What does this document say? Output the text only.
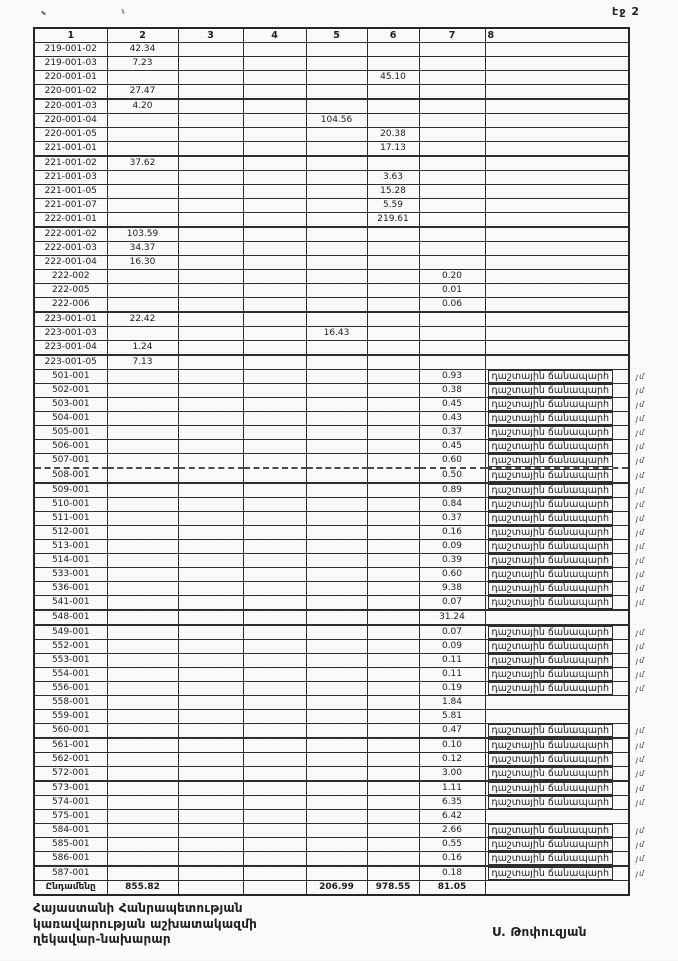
էջ 2
1	2	3	4	5	6	7	8	
219-001-02	42.34							
219-001-03	7.23							
220-001-01					45.10			
220-001-02	27.47							
220-001-03	4.20							
220-001-04				104.56				
220-001-05					20.38			
221-001-01					17.13			
221-001-02	37.62							
221-001-03					3.63			
221-001-05					15.28			
221-001-07					5.59			
222-001-01					219.61			
222-001-02	103.59							
222-001-03	34.37							
222-001-04	16.30							
222-002						0.20		
222-005						0.01		
222-006						0.06		
223-001-01	22.42							
223-001-03				16.43				
223-001-04	1.24							
223-001-05	7.13							
501-001						0.93	դաշտային ճանապարհ	յմ
502-001						0.38	դաշտային ճանապարհ	յմ
503-001						0.45	դաշտային ճանապարհ	յմ
504-001						0.43	դաշտային ճանապարհ	յմ
505-001						0.37	դաշտային ճանապարհ	յմ
506-001						0.45	դաշտային ճանապարհ	յմ
507-001						0.60	դաշտային ճանապարհ	յմ
508-001						0.50	դաշտային ճանապարհ	յմ
509-001						0.89	դաշտային ճանապարհ	յմ
510-001						0.84	դաշտային ճանապարհ	յմ
511-001						0.37	դաշտային ճանապարհ	յմ
512-001						0.16	դաշտային ճանապարհ	յմ
513-001						0.09	դաշտային ճանապարհ	յմ
514-001						0.39	դաշտային ճանապարհ	յմ
533-001						0.60	դաշտային ճանապարհ	յմ
536-001						9.38	դաշտային ճանապարհ	յմ
541-001						0.07	դաշտային ճանապարհ	յմ
548-001						31.24		
549-001						0.07	դաշտային ճանապարհ	յմ
552-001						0.09	դաշտային ճանապարհ	յմ
553-001						0.11	դաշտային ճանապարհ	յմ
554-001						0.11	դաշտային ճանապարհ	յմ
556-001						0.19	դաշտային ճանապարհ	յմ
558-001						1.84		
559-001						5.81		
560-001						0.47	դաշտային ճանապարհ	յմ
561-001						0.10	դաշտային ճանապարհ	յմ
562-001						0.12	դաշտային ճանապարհ	յմ
572-001						3.00	դաշտային ճանապարհ	յմ
573-001						1.11	դաշտային ճանապարհ	յմ
574-001						6.35	դաշտային ճանապարհ	յմ
575-001						6.42		
584-001						2.66	դաշտային ճանապարհ	յմ
585-001						0.55	դաշտային ճանապարհ	յմ
586-001						0.16	դաշտային ճանապարհ	յմ
587-001						0.18	դաշտային ճանապարհ	յմ
Ընդամենը	855.82			206.99	978.55	81.05		
Հայաստանի Հանրապետության
կառավարության աշխատակազմի
ղեկավար-նախարար
Ս. Թոփուզյան
